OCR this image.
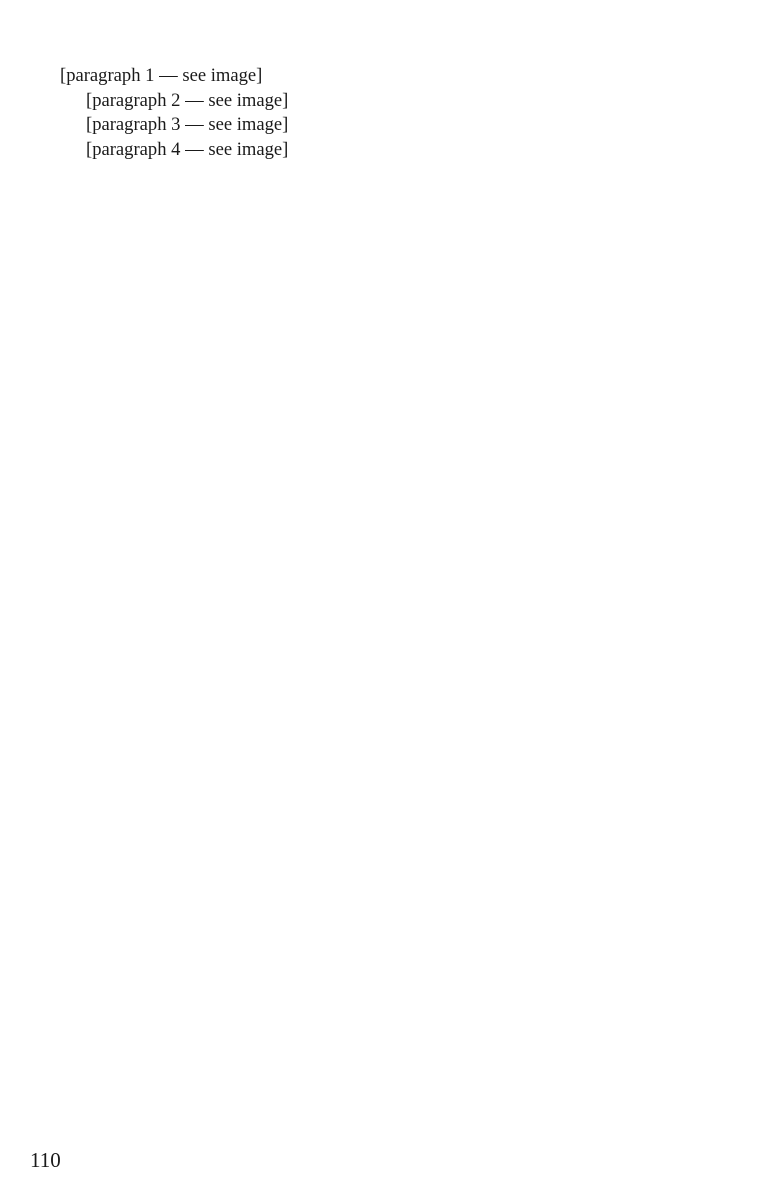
[paragraph 1 — see image]

[paragraph 2 — see image]

[paragraph 3 — see image]

[paragraph 4 — see image]

110
